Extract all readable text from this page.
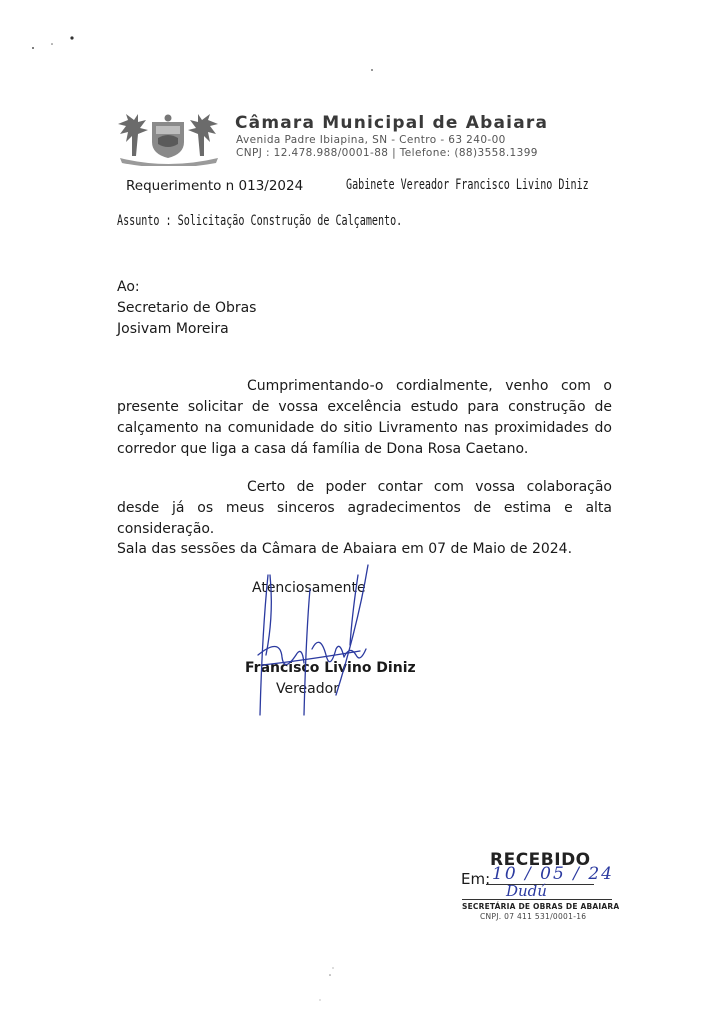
Câmara Municipal de Abaiara
Avenida Padre Ibiapina, SN - Centro - 63 240-00
CNPJ : 12.478.988/0001-88 | Telefone: (88)3558.1399
Requerimento n 013/2024	Gabinete Vereador Francisco Livino Diniz
Assunto : Solicitação Construção de Calçamento.
Ao:
Secretario de Obras
Josivam Moreira
Cumprimentando-o cordialmente, venho com o presente solicitar de vossa excelência estudo para construção de calçamento na comunidade do sitio Livramento nas proximidades do corredor que liga a casa dá família de Dona Rosa Caetano.
Certo de poder contar com vossa colaboração desde já os meus sinceros agradecimentos de estima e alta consideração.
Sala das sessões da Câmara de Abaiara em 07 de Maio de 2024.
Atenciosamente
Francisco Livino Diniz
Vereador
RECEBIDO
Em: 10 / 05 / 24
Dudú
SECRETÁRIA DE OBRAS DE ABAIARA
CNPJ. 07 411 531/0001-16
